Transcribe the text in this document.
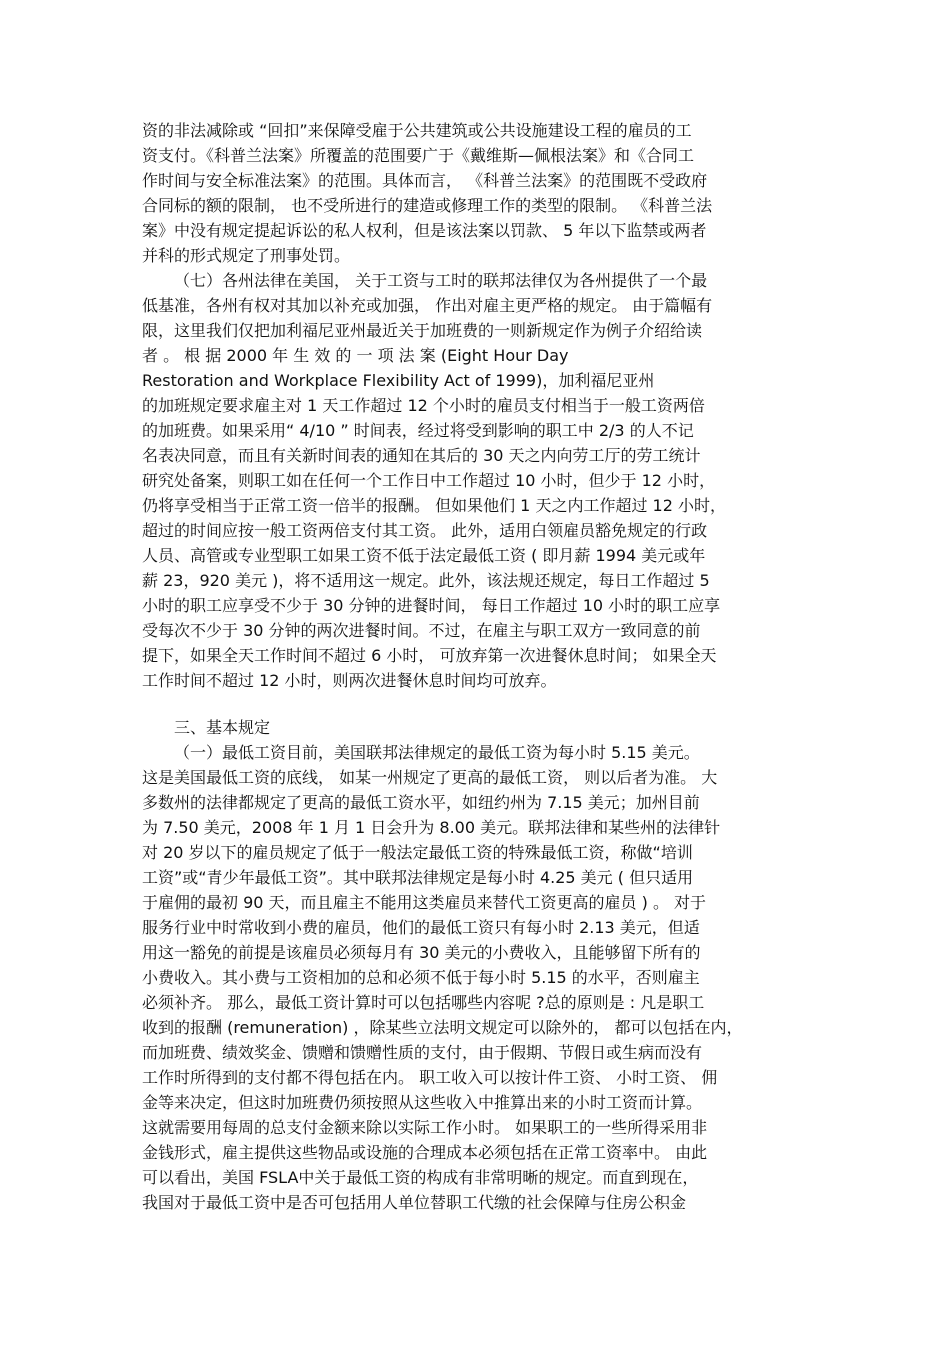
资的非法减除或 “回扣”来保障受雇于公共建筑或公共设施建设工程的雇员的工
资支付。《科普兰法案》所覆盖的范围要广于《戴维斯—佩根法案》和《合同工
作时间与安全标准法案》的范围。具体而言， 《科普兰法案》的范围既不受政府
合同标的额的限制， 也不受所进行的建造或修理工作的类型的限制。 《科普兰法
案》中没有规定提起诉讼的私人权利，但是该法案以罚款、 5 年以下监禁或两者
并科的形式规定了刑事处罚。
（七）各州法律在美国， 关于工资与工时的联邦法律仅为各州提供了一个最
低基准，各州有权对其加以补充或加强， 作出对雇主更严格的规定。 由于篇幅有
限，这里我们仅把加利福尼亚州最近关于加班费的一则新规定作为例子介绍给读
者 。 根 据 2000 年 生 效 的 一 项 法 案 (Eight Hour Day
Restoration and Workplace Flexibility Act of 1999)，加利福尼亚州
的加班规定要求雇主对 1 天工作超过 12 个小时的雇员支付相当于一般工资两倍
的加班费。如果采用“ 4/10 ” 时间表，经过将受到影响的职工中 2/3 的人不记
名表决同意，而且有关新时间表的通知在其后的 30 天之内向劳工厅的劳工统计
研究处备案，则职工如在任何一个工作日中工作超过 10 小时，但少于 12 小时，
仍将享受相当于正常工资一倍半的报酬。 但如果他们 1 天之内工作超过 12 小时，
超过的时间应按一般工资两倍支付其工资。 此外，适用白领雇员豁免规定的行政
人员、高管或专业型职工如果工资不低于法定最低工资 ( 即月薪 1994 美元或年
薪 23，920 美元 )，将不适用这一规定。此外，该法规还规定，每日工作超过 5
小时的职工应享受不少于 30 分钟的进餐时间， 每日工作超过 10 小时的职工应享
受每次不少于 30 分钟的两次进餐时间。不过，在雇主与职工双方一致同意的前
提下，如果全天工作时间不超过 6 小时， 可放弃第一次进餐休息时间； 如果全天
工作时间不超过 12 小时，则两次进餐休息时间均可放弃。
三、基本规定
（一）最低工资目前，美国联邦法律规定的最低工资为每小时 5.15 美元。
这是美国最低工资的底线， 如某一州规定了更高的最低工资， 则以后者为准。 大
多数州的法律都规定了更高的最低工资水平，如纽约州为 7.15 美元；加州目前
为 7.50 美元，2008 年 1 月 1 日会升为 8.00 美元。联邦法律和某些州的法律针
对 20 岁以下的雇员规定了低于一般法定最低工资的特殊最低工资，称做“培训
工资”或“青少年最低工资”。其中联邦法律规定是每小时 4.25 美元 ( 但只适用
于雇佣的最初 90 天，而且雇主不能用这类雇员来替代工资更高的雇员 ) 。 对于
服务行业中时常收到小费的雇员，他们的最低工资只有每小时 2.13 美元，但适
用这一豁免的前提是该雇员必须每月有 30 美元的小费收入，且能够留下所有的
小费收入。其小费与工资相加的总和必须不低于每小时 5.15 的水平，否则雇主
必须补齐。 那么，最低工资计算时可以包括哪些内容呢 ?总的原则是 : 凡是职工
收到的报酬 (remuneration) ，除某些立法明文规定可以除外的， 都可以包括在内，
而加班费、绩效奖金、馈赠和馈赠性质的支付，由于假期、节假日或生病而没有
工作时所得到的支付都不得包括在内。 职工收入可以按计件工资、 小时工资、 佣
金等来决定，但这时加班费仍须按照从这些收入中推算出来的小时工资而计算。
这就需要用每周的总支付金额来除以实际工作小时。 如果职工的一些所得采用非
金钱形式，雇主提供这些物品或设施的合理成本必须包括在正常工资率中。 由此
可以看出，美国 FSLA中关于最低工资的构成有非常明晰的规定。而直到现在，
我国对于最低工资中是否可包括用人单位替职工代缴的社会保障与住房公积金
